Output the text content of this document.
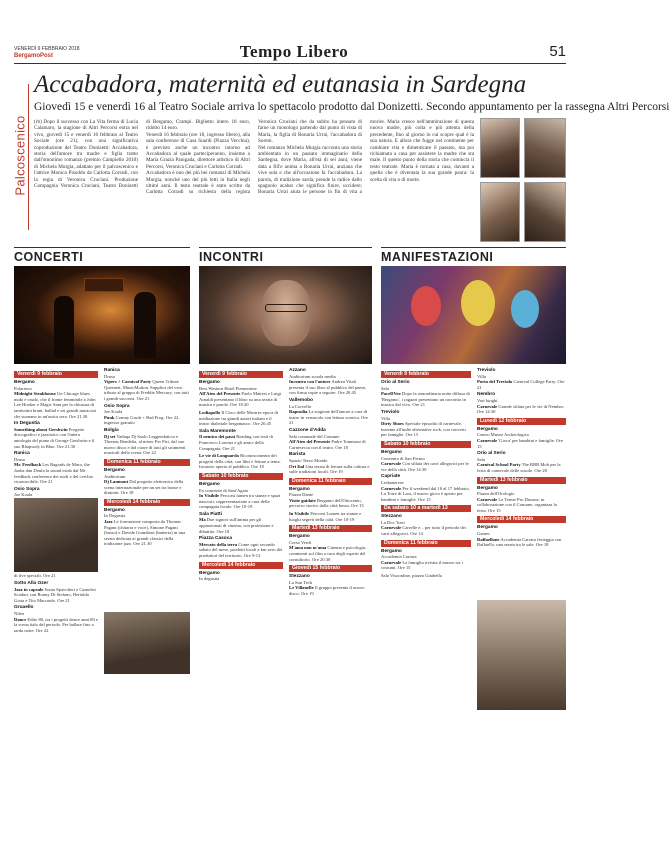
VENERDÌ 9 FEBBRAIO 2018
BergamoPost	Tempo Libero	51
Palcoscenico
Accabadora, maternità ed eutanasia in Sardegna
Giovedì 15 e venerdì 16 al Teatro Sociale arriva lo spettacolo prodotto dal Donizetti. Secondo appuntamento per la rassegna Altri Percorsi

(rb) Dopo il successo con La Vita ferma di Lucia Calamaro, la stagione di Altri Percorsi entra nel vivo, giovedì 15 e venerdì 16 febbraio al Teatro Sociale (ore 21), con una significativa coproduzione del Teatro Donizetti: Accabadora, storia dell'amore tra madre e figlia tratto dall'omonimo romanzo (premio Campiello 2010) di Michela Murgia, adattato per il palcoscenico e l'attrice Monica Pisoddu da Carlotta Corradi, con la regia di Veronica Cruciani. Produzione Compagnia Veronica Cruciani, Teatro Donizetti di Bergamo, Crampi. Biglietto intero 18 euro, ridotto 14 euro.

Venerdì 16 febbraio (ore 18, ingresso libero), alla sala conferenze di Casa Suardi (Piazza Vecchia), è previsto anche un incontro intorno ad Accabadora al quale parteciperanno, insieme a Maria Grazia Panigada, direttore artistico di Altri Percorsi, Veronica Cruciani e Carlotta Corradi.

Accabadora è uno dei più bei romanzi di Michela Murgia, nonché uno dei più letti in Italia negli ultimi anni. Il testo teatrale è stato scritto da Carlotta Corradi su richiesta della regista Veronica Cruciani che da subito ha pensato di farne un monologo partendo dal punto di vista di Maria, la figlia di Bonaria Urrai, l'accabadora di Soreni.

Nel romanzo Michela Murgia racconta una storia ambientata in un passato immaginario della Sardegna, dove Maria, all'età di sei anni, viene data a fill'e anima a Bonaria Urrai, anziana che vive sola e che all'occasione fa l'accabadora. La parola, di tradizione sarda, prende la radice dallo spagnolo acabar che significa finire, uccidere; Bonaria Urrai aiuta le persone in fin di vita a morire. Maria cresce nell'ammirazione di questa nuova madre, più colta e più attenta della precedente, fino al giorno in cui scopre qual è la sua natura. E allora che fugge nel continente per cambiare vita e dimenticare il passato, ma poi richiamata a casa per assistere la madre che sta male. Il questo punto della storia che comincia il testo teatrale. Maria è tornata a casa, davanti a quella che è diventata la sua grande paura: la scelta di vita o di morte.

CONCERTI	INCONTRI	MANIFESTAZIONI
Venerdì 9 febbraio
Bergamo
Polaresco

Midnight Steakhouse Un Chicago blues nudo e crudo, che il fronte femminile a John Lee Hooker e Magic Sam per la chiusura di tantissimi brani, ballad e sei grandi musicisti che suonano in un'unica sera. Ore 21.30

In Degustia

Something about Gershwin Progetto discografico e jazzistico con l'intera antologia del piano di George Gershwin e il suo Rhapsody in Blue. Ore 21.30

Ranica
Druso

Mr. Feedback Les Bagrads de Muro, the Jaoba dan Doula la sound estab dal Mr feedback conference dei ruoli e del cerchio riconoscibile. Ore 21

Osio Sopra
Joe Koala

di live speciali. Ore 21

Sotto Alla Ozer

Jazz in capsule Sonia Spavolieri e Camoleo Scaduci con Ronny Di Stefano, Bertolda Gioia e Tito Marcardo. Ore 21

Gruaello
Nilea

Dance Edito 80, tra i progetti dance anni 80 e la scena italo del periodo. Per ballare fino a tarda notte. Ore 22

Ranica
Druso

Vipers + Carnival Party Queen Tribute Queenett, MusicMotion. Supplica del vero tributo al gruppo di Freddie Mercury, con tutti i grandi successi. Ore 21

Osio Sopra
Joe Koala

Punk Cranny Gruiti + Bad Frog. Ore 22, ingresso gratuito

Bolgia

Dj set Vaduqa Dj Saolo Leggendaticio e Thomas Bendelia, al mixer Per Piri, dal suo nuovo disco e dal cuore di tutti gli strumenti musicali della scena. Ore 22

Domenica 11 febbraio
Bergamo
Auditorium

Dj Lanmont Dal progetto elettronico della scena internazionale per un set tra house e dintorni. Ore 18

Mercoledì 14 febbraio
Bergamo
In Degustia

Jazz Le formazione composta da Thomas Pagani (chitarra e voce), Simone Pagani (basso) e Davide Grandioni (batteria) in una serata dedicata ai grandi classici della tradizione jazz. Ore 21.30

Venerdì 9 febbraio
Bergamo
Best Western Hotel Piemontese

All'Ateo del Presente Paolo Mattesi e Luigi Arnaldi presentano il libro su una serata di musica e parole. Ore 18.30

Lodiapollo Il Circo delle Mostres epoca di mediazione tra grandi autori italiani e il teatro dialettale bergamasco. Ore 20.45

Sala Maremonte

Il nemico dei passi Reading con testi di Francesco Lorenzi e gli amici della Compagnia. Ore 21

Le vie di Longuardo Riconoscimento dei progetti della città, con libri e letture a tema. Incontro aperto al pubblico. Ore 18

Sabato 10 febbraio
Bergamo
Ex convento di Sant'Agata

In Visibile Percorsi lumen tra stanze e spazi nascosti, rappresentazione a cura della compagnia locale. Ore 10-19

Sala Piatti

Ma Due signori sull'anima per gli appassionati di cinema, con proiezione e dibattito. Ore 18

Piazza Casoca

Mercato della terra Come ogni secondo sabato del mese, prodotti locali a km zero dei produttori del territorio. Ore 9-13

Mercoledì 14 febbraio
Bergamo
In degustia
Azzano
Auditorium scuola media

Incontro con l'autore Andrea Vitali presenta il suo libro al pubblico del paese, con firma copie a seguire. Ore 20.45

Vallemobo
La Corvella

Rapsodia La stagione dell'amore a cura di teatro in vernacolo con lettura scenica. Ore 21

Cazzone d'Adda
Sala comunale del Comune

All'Ateo del Presente Padre Tommaso di Carnesecca con il teatro. Ore 18

Barista
Spazio Terzo Mondo

Ort Ital Una serata di lettura sulla cultura e sulle tradizioni locali. Ore 19

Domenica 11 febbraio
Bergamo
Piazza Dante

Visite guidate Bergamo dell'Ottocento, percorso storico dalla città bassa. Ore 15

In Visibile Percorsi Lumen tra stanze e luoghi segreti della città. Ore 10-19

Martedì 13 febbraio
Bergamo
Corso Verdi

M'ama non m'ama Cinema e psicologia: commenti sul film a cura degli esperti del consultorio. Ore 20.30

Giovedì 15 febbraio
Stezzano
La Sun Tech

Le Villanelle Il gruppo presenta il nuovo disco. Ore 19

Venerdì 9 febbraio
Orio al Serio
Sala

PaceDVeo Dopo la straordinaria notte diffusa di 'Bergamo', i ragazzi presentano un racconto in musica dal vivo. Ore 21

Treviolo
Villa

Dirty Shoes Speciale episodio di carnevale, insieme all'indie alternative rock, con concerti per famiglie. Ore 15

Sabato 10 febbraio
Bergamo
Convento di San Fermo

Carnevale Con sfilata dei carri allegorici per le vie della città. Ore 14.30

Capriate
Lesbanerese

Carnevale Per il weekend dal 10 al 17 febbraio, La Torre di Lara, il nuovo gioco è aperto per bambini e famiglie. Ore 15

Da sabato 10 a martedì 13
Stezzano
La Doc Torri

Carnevale Carrelle e... per tutto il periodo dei carri allegorici. Ore 14

Domenica 11 febbraio
Bergamo
Accademia Carrara

Carnevale La famiglia rivisita il museo tra i costumi. Ore 15

Sala Visoonline, piazza Gitabella
Treviolo
Villa

Porta del Treviolo Carnival College Party. Ore 21

Nembro
Vari luoghi

Carnevale Grande sfilata per le vie di Nembro. Ore 14.30

Lunedì 12 febbraio
Bergamo
Centro Museo Archeologico

Carnevale 'Gioca' per bambini e famiglie. Ore 15

Orio al Serio
Sala

Carnival School Party The RRR Mob per la festa di carnevale delle scuole. Ore 20

Martedì 13 febbraio
Bergamo
Piazza dell'Orologio

Carnevale Le Terme Pro Dusone, in collaborazione con il Comune, organizza la festa. Ore 15

Mercoledì 14 febbraio
Bergamo
Gamec

Raffaellone Accademia Carrara festeggia con Raffaello, una serata tra le sale. Ore 18
